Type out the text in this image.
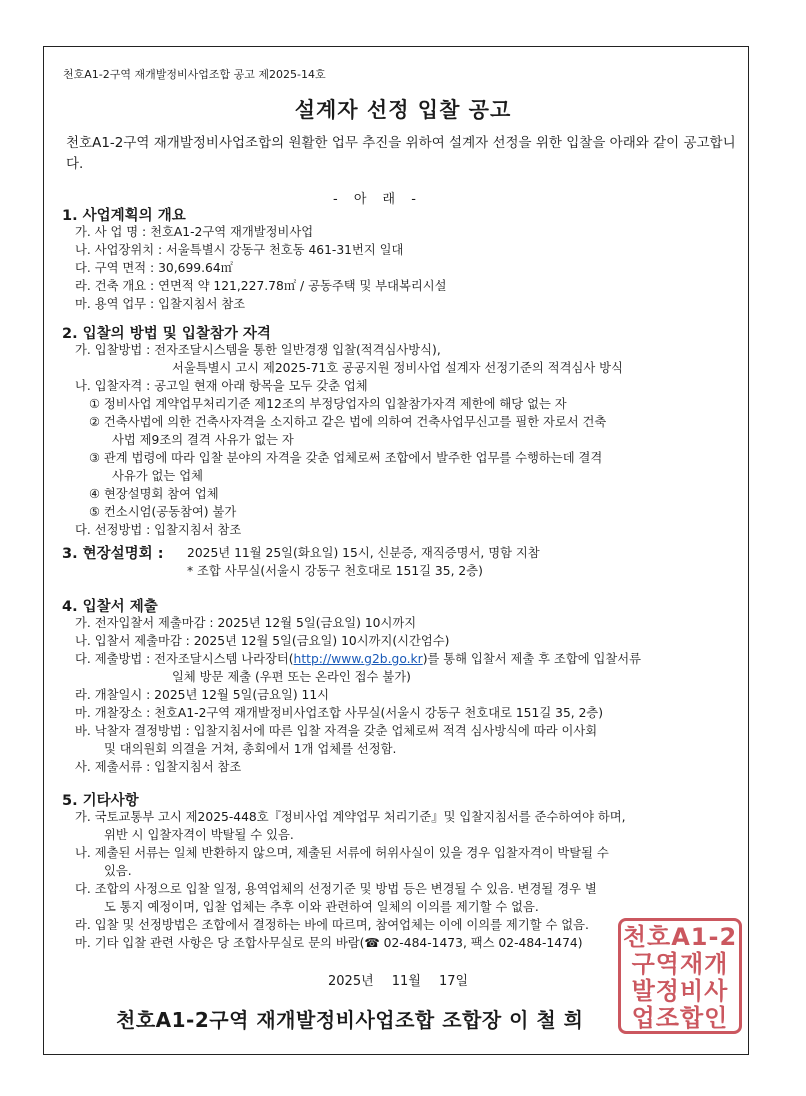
천호A1-2구역 재개발정비사업조합 공고 제2025-14호
설계자 선정 입찰 공고
천호A1-2구역 재개발정비사업조합의 원활한 업무 추진을 위하여 설계자 선정을 위한 입찰을 아래와 같이 공고합니다.
- 아 래 -
1. 사업계획의 개요
가. 사 업 명 : 천호A1-2구역 재개발정비사업
나. 사업장위치 : 서울특별시 강동구 천호동 461-31번지 일대
다. 구역 면적 : 30,699.64㎡
라. 건축 개요 : 연면적 약 121,227.78㎡ / 공동주택 및 부대복리시설
마. 용역 업무 : 입찰지침서 참조
2. 입찰의 방법 및 입찰참가 자격
가. 입찰방법 : 전자조달시스템을 통한 일반경쟁 입찰(적격심사방식),
서울특별시 고시 제2025-71호 공공지원 정비사업 설계자 선정기준의 적격심사 방식
나. 입찰자격 : 공고일 현재 아래 항목을 모두 갖춘 업체
① 정비사업 계약업무처리기준 제12조의 부정당업자의 입찰참가자격 제한에 해당 없는 자
② 건축사법에 의한 건축사자격을 소지하고 같은 법에 의하여 건축사업무신고를 필한 자로서 건축
사법 제9조의 결격 사유가 없는 자
③ 관계 법령에 따라 입찰 분야의 자격을 갖춘 업체로써 조합에서 발주한 업무를 수행하는데 결격
사유가 없는 업체
④ 현장설명회 참여 업체
⑤ 컨소시엄(공동참여) 불가
다. 선정방법 : 입찰지침서 참조
3. 현장설명회 : 2025년 11월 25일(화요일) 15시, 신분증, 재직증명서, 명함 지참
* 조합 사무실(서울시 강동구 천호대로 151길 35, 2층)
4. 입찰서 제출
가. 전자입찰서 제출마감 : 2025년 12월 5일(금요일) 10시까지
나. 입찰서 제출마감 : 2025년 12월 5일(금요일) 10시까지(시간엄수)
다. 제출방법 : 전자조달시스템 나라장터(http://www.g2b.go.kr)를 통해 입찰서 제출 후 조합에 입찰서류
일체 방문 제출 (우편 또는 온라인 접수 불가)
라. 개찰일시 : 2025년 12월 5일(금요일) 11시
마. 개찰장소 : 천호A1-2구역 재개발정비사업조합 사무실(서울시 강동구 천호대로 151길 35, 2층)
바. 낙찰자 결정방법 : 입찰지침서에 따른 입찰 자격을 갖춘 업체로써 적격 심사방식에 따라 이사회
및 대의원회 의결을 거쳐, 총회에서 1개 업체를 선정함.
사. 제출서류 : 입찰지침서 참조
5. 기타사항
가. 국토교통부 고시 제2025-448호『정비사업 계약업무 처리기준』및 입찰지침서를 준수하여야 하며,
위반 시 입찰자격이 박탈될 수 있음.
나. 제출된 서류는 일체 반환하지 않으며, 제출된 서류에 허위사실이 있을 경우 입찰자격이 박탈될 수
있음.
다. 조합의 사정으로 입찰 일정, 용역업체의 선정기준 및 방법 등은 변경될 수 있음. 변경될 경우 별
도 통지 예정이며, 입찰 업체는 추후 이와 관련하여 일체의 이의를 제기할 수 없음.
라. 입찰 및 선정방법은 조합에서 결정하는 바에 따르며, 참여업체는 이에 이의를 제기할 수 없음.
마. 기타 입찰 관련 사항은 당 조합사무실로 문의 바람(☎ 02-484-1473, 팩스 02-484-1474) 천호A1-2
구역재개
발정비사
업조합인
2025년 11월 17일
천호A1-2구역 재개발정비사업조합 조합장 이 철 희
